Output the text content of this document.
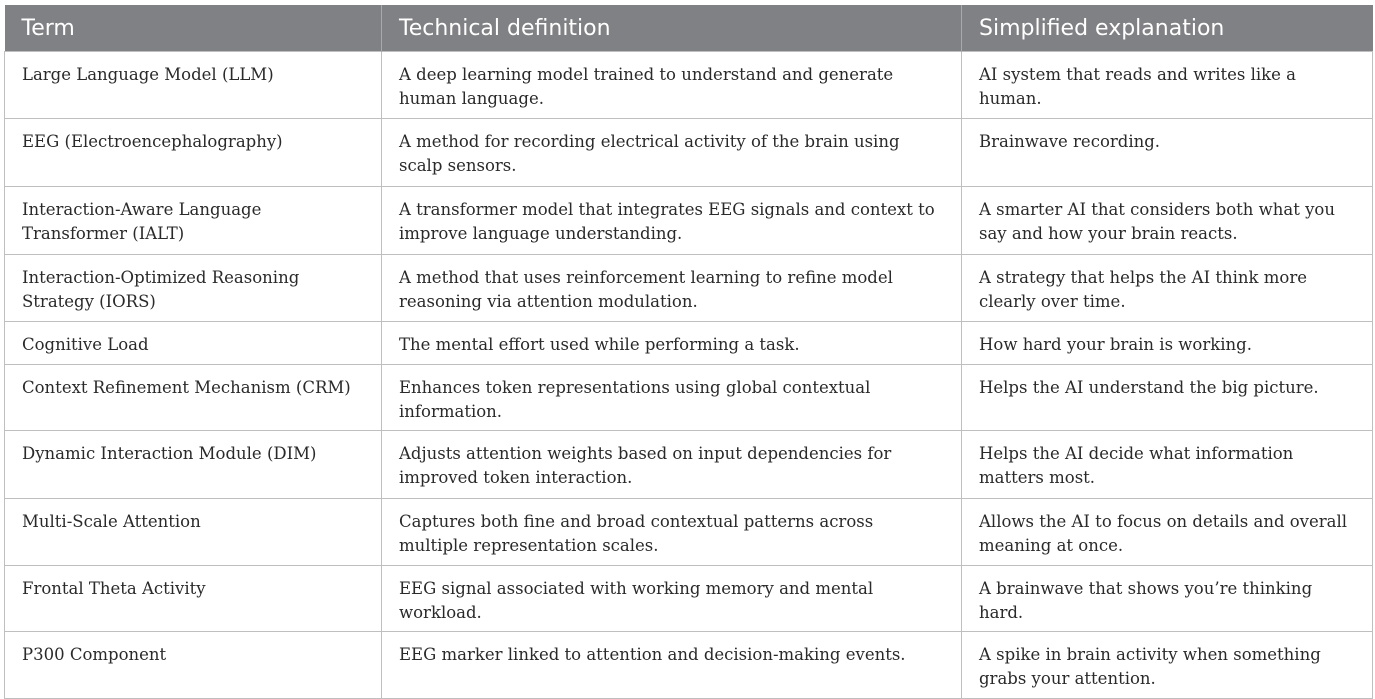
Term	Technical definition	Simplified explanation
Large Language Model (LLM)	A deep learning model trained to understand and generate human language.	AI system that reads and writes like a human.
EEG (Electroencephalography)	A method for recording electrical activity of the brain using scalp sensors.	Brainwave recording.
Interaction-Aware Language Transformer (IALT)	A transformer model that integrates EEG signals and context to improve language understanding.	A smarter AI that considers both what you say and how your brain reacts.
Interaction-Optimized Reasoning Strategy (IORS)	A method that uses reinforcement learning to refine model reasoning via attention modulation.	A strategy that helps the AI think more clearly over time.
Cognitive Load	The mental effort used while performing a task.	How hard your brain is working.
Context Refinement Mechanism (CRM)	Enhances token representations using global contextual information.	Helps the AI understand the big picture.
Dynamic Interaction Module (DIM)	Adjusts attention weights based on input dependencies for improved token interaction.	Helps the AI decide what information matters most.
Multi-Scale Attention	Captures both fine and broad contextual patterns across multiple representation scales.	Allows the AI to focus on details and overall meaning at once.
Frontal Theta Activity	EEG signal associated with working memory and mental workload.	A brainwave that shows you’re thinking hard.
P300 Component	EEG marker linked to attention and decision-making events.	A spike in brain activity when something grabs your attention.
